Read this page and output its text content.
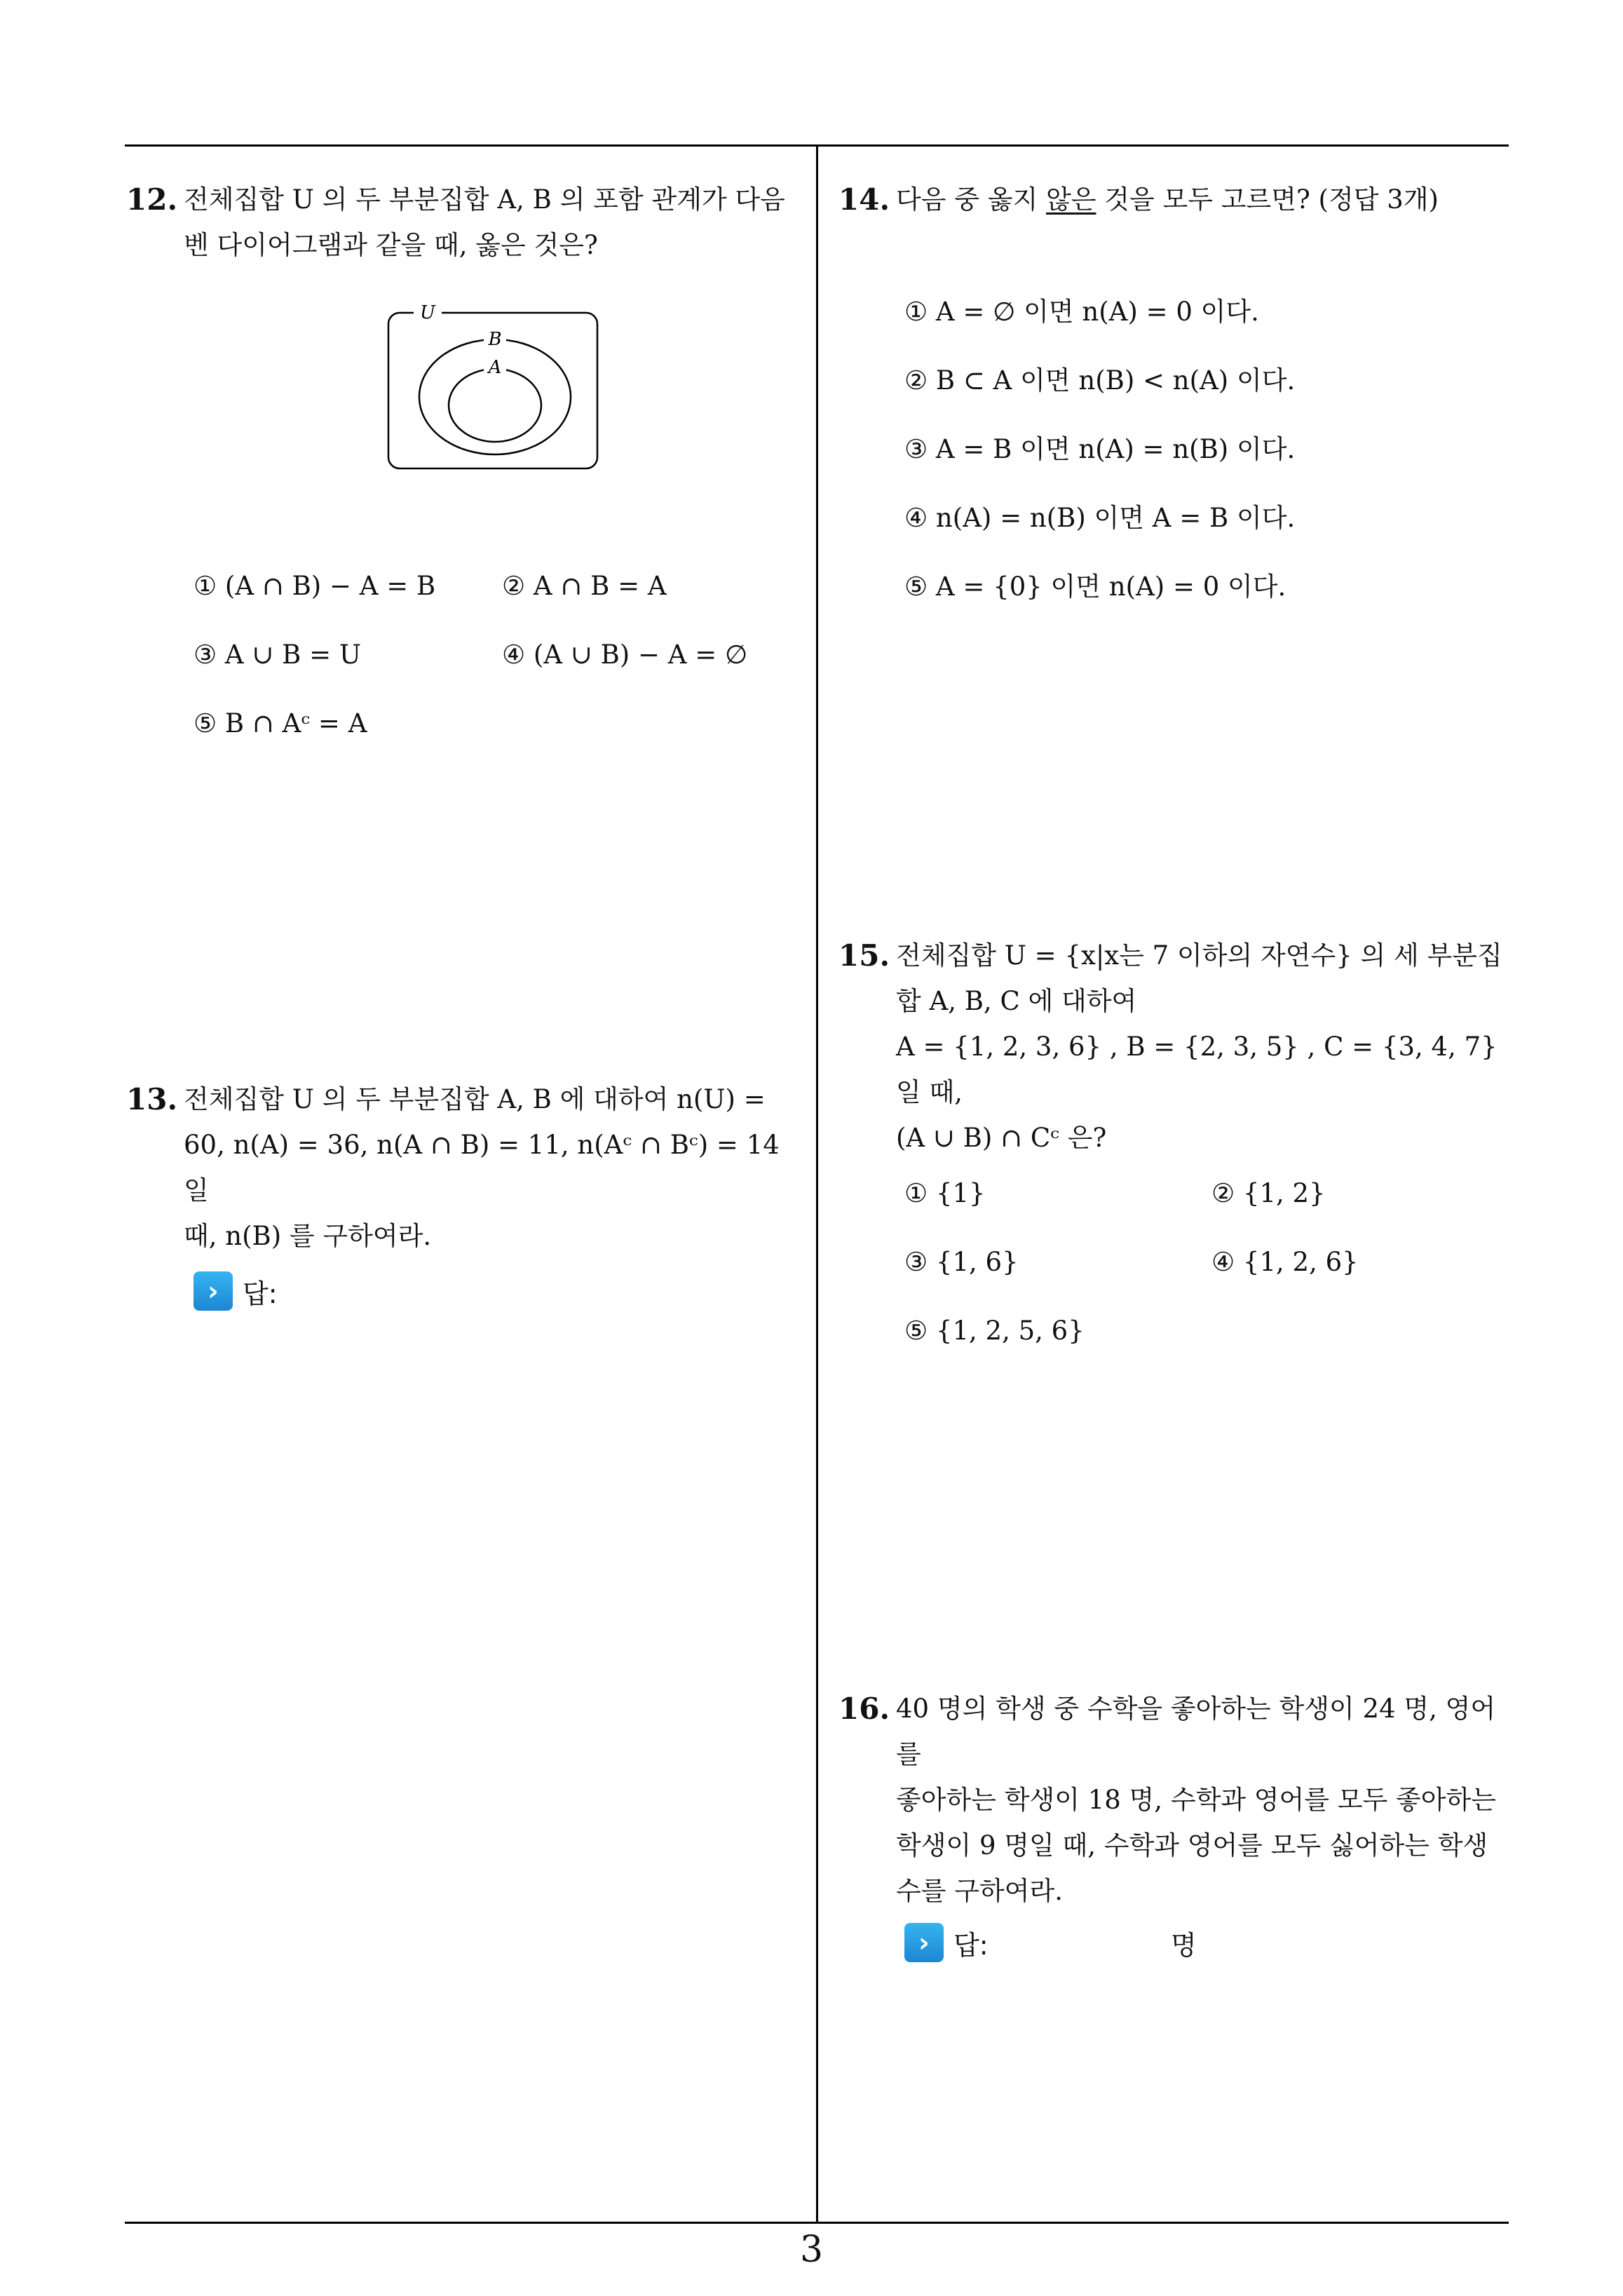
12. 전체집합 U 의 두 부분집합 A, B 의 포함 관계가 다음

벤 다이어그램과 같을 때, 옳은 것은?

U
B
A
① (A ∩ B) − A = B	② A ∩ B = A
③ A ∪ B = U	④ (A ∪ B) − A = ∅
⑤ B ∩ Aᶜ = A
13. 전체집합 U 의 두 부분집합 A, B 에 대하여 n(U) =

60, n(A) = 36, n(A ∩ B) = 11, n(Aᶜ ∩ Bᶜ) = 14 일

때, n(B) 를 구하여라.

› 답:
14. 다음 중 옳지 않은 것을 모두 고르면? (정답 3개)

① A = ∅ 이면 n(A) = 0 이다.
② B ⊂ A 이면 n(B) < n(A) 이다.
③ A = B 이면 n(A) = n(B) 이다.
④ n(A) = n(B) 이면 A = B 이다.
⑤ A = {0} 이면 n(A) = 0 이다.
15. 전체집합 U = {x|x는 7 이하의 자연수} 의 세 부분집

합 A, B, C 에 대하여

A = {1, 2, 3, 6} , B = {2, 3, 5} , C = {3, 4, 7} 일 때,

(A ∪ B) ∩ Cᶜ 은?

① {1}	② {1, 2}
③ {1, 6}	④ {1, 2, 6}
⑤ {1, 2, 5, 6}
16. 40 명의 학생 중 수학을 좋아하는 학생이 24 명, 영어를

좋아하는 학생이 18 명, 수학과 영어를 모두 좋아하는

학생이 9 명일 때, 수학과 영어를 모두 싫어하는 학생

수를 구하여라.

› 답:	명
3
